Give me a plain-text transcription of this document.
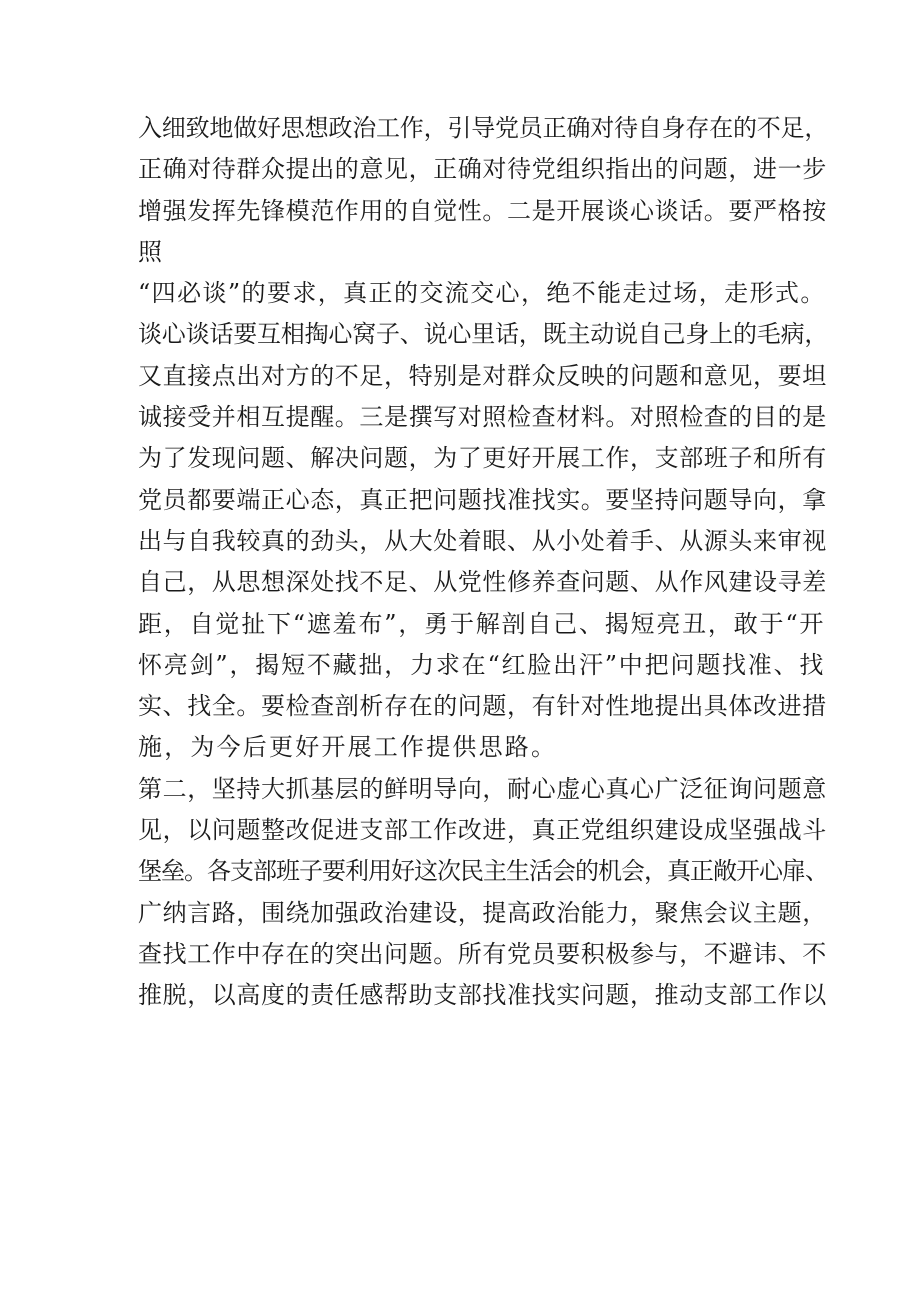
入细致地做好思想政治工作，引导党员正确对待自身存在的不足，
正确对待群众提出的意见，正确对待党组织指出的问题，进一步
增强发挥先锋模范作用的自觉性。二是开展谈心谈话。要严格按
照
“四必谈”的要求，真正的交流交心，绝不能走过场，走形式。
谈心谈话要互相掏心窝子、说心里话，既主动说自己身上的毛病，
又直接点出对方的不足，特别是对群众反映的问题和意见，要坦
诚接受并相互提醒。三是撰写对照检查材料。对照检查的目的是
为了发现问题、解决问题，为了更好开展工作，支部班子和所有
党员都要端正心态，真正把问题找准找实。要坚持问题导向，拿
出与自我较真的劲头，从大处着眼、从小处着手、从源头来审视
自己，从思想深处找不足、从党性修养查问题、从作风建设寻差
距，自觉扯下“遮羞布”，勇于解剖自己、揭短亮丑，敢于“开
怀亮剑”，揭短不藏拙，力求在“红脸出汗”中把问题找准、找
实、找全。要检查剖析存在的问题，有针对性地提出具体改进措
施，为今后更好开展工作提供思路。
第二，坚持大抓基层的鲜明导向，耐心虚心真心广泛征询问题意
见，以问题整改促进支部工作改进，真正党组织建设成坚强战斗
堡垒。各支部班子要利用好这次民主生活会的机会，真正敞开心扉、
广纳言路，围绕加强政治建设，提高政治能力，聚焦会议主题，
查找工作中存在的突出问题。所有党员要积极参与，不避讳、不
推脱，以高度的责任感帮助支部找准找实问题，推动支部工作以
